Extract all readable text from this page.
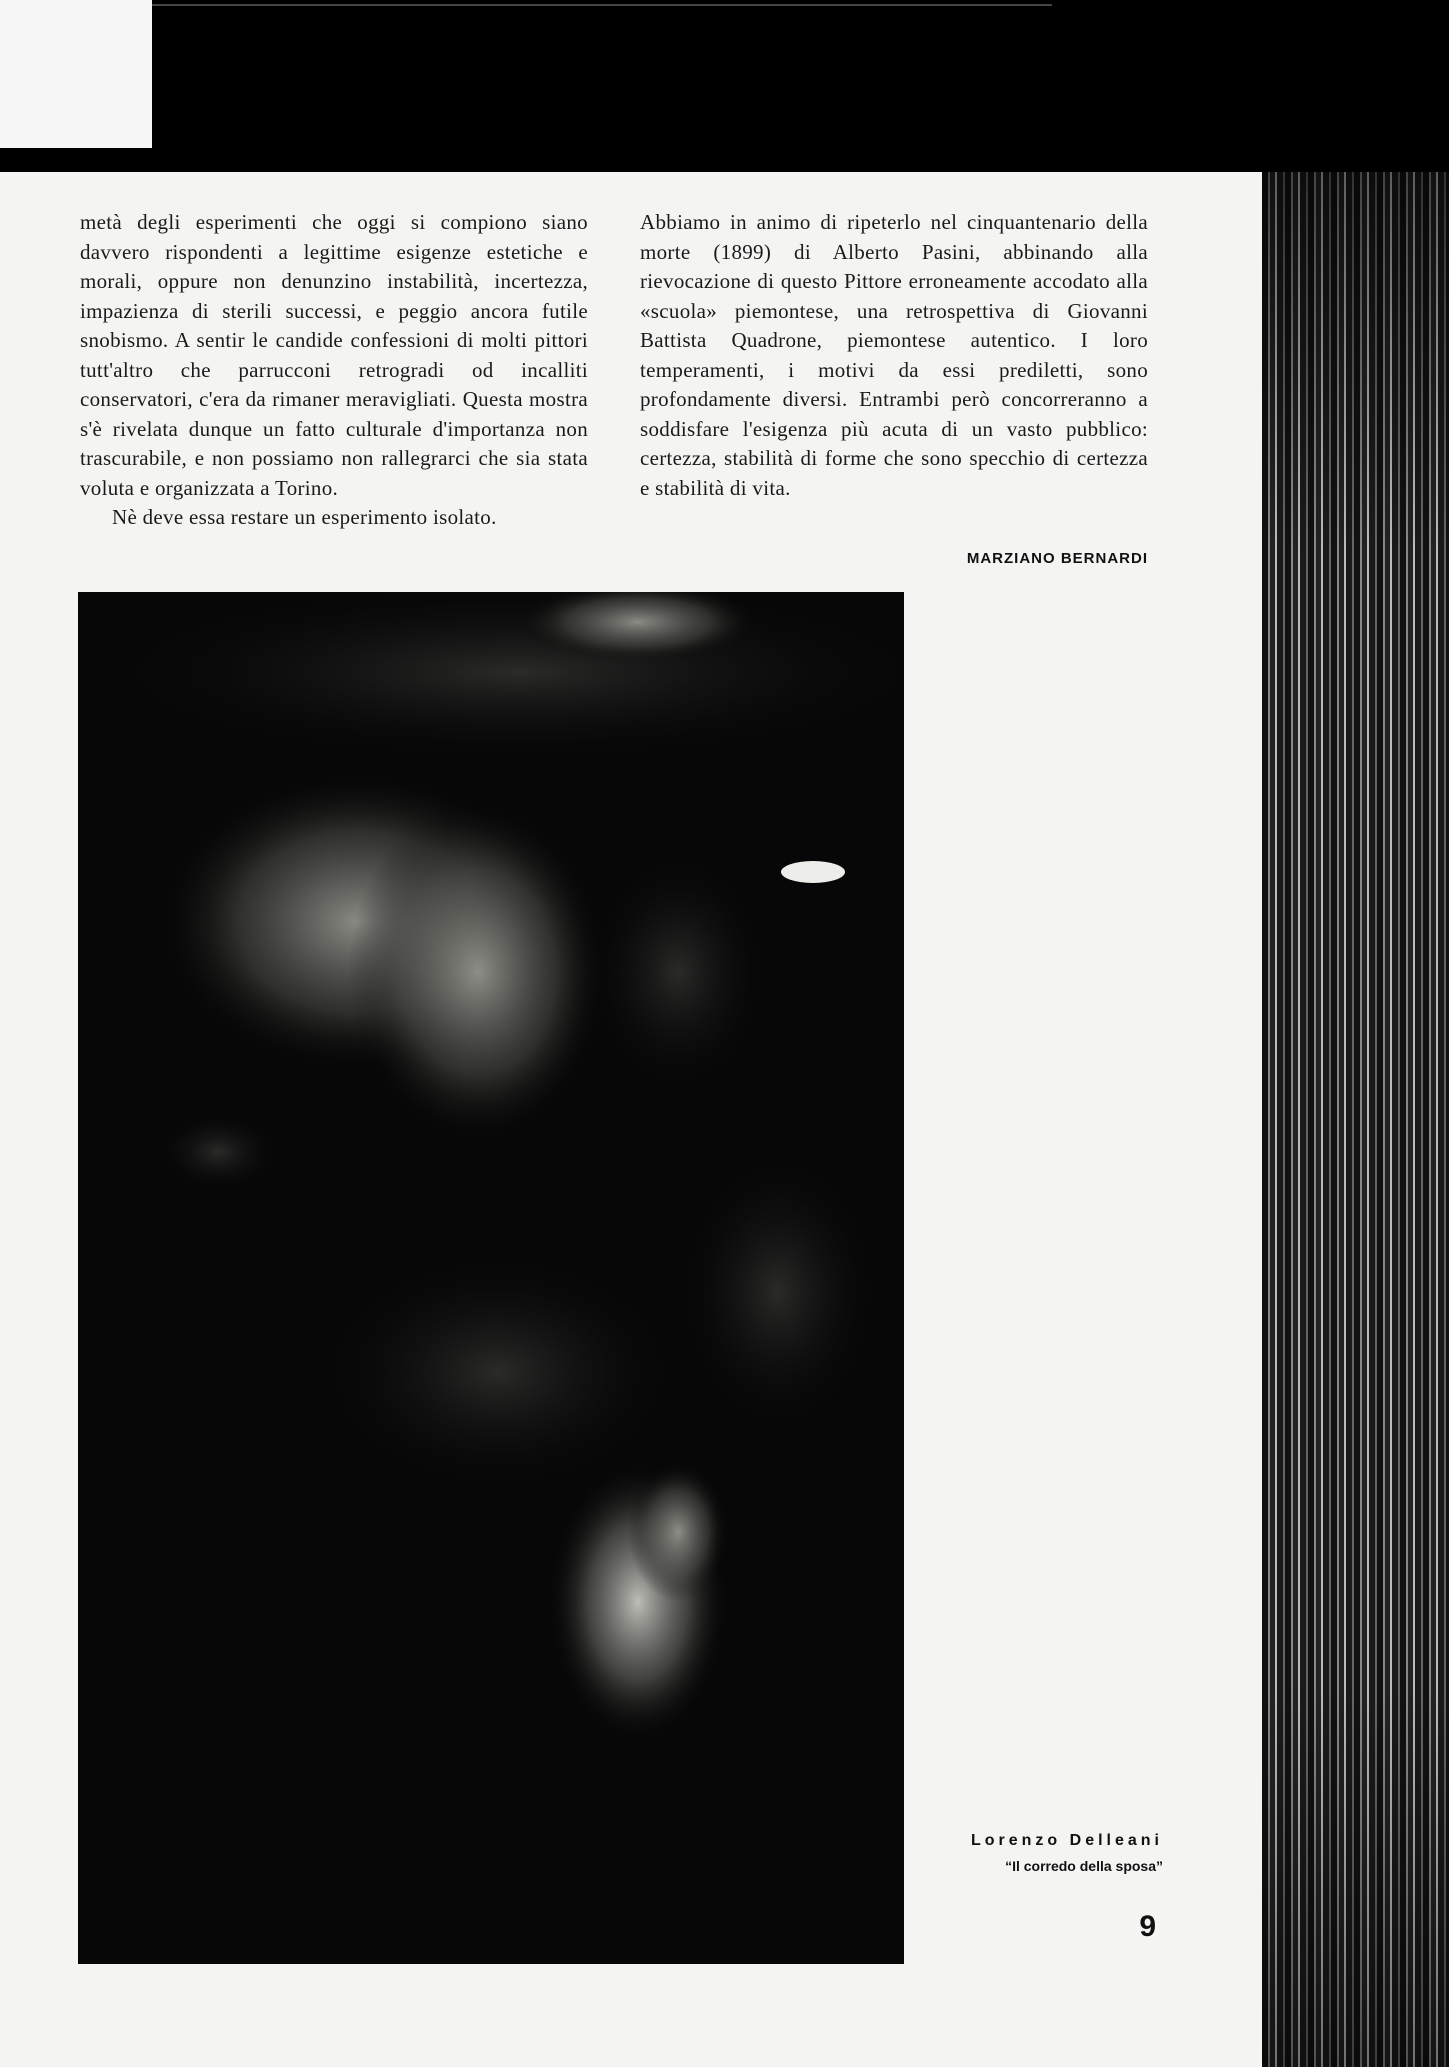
metà degli esperimenti che oggi si compiono siano davvero rispondenti a legittime esigenze estetiche e morali, oppure non denunzino instabilità, incertezza, impazienza di sterili successi, e peggio ancora futile snobismo. A sentir le candide confessioni di molti pittori tutt'altro che parrucconi retrogradi od incalliti conservatori, c'era da rimaner meravigliati. Questa mostra s'è rivelata dunque un fatto culturale d'importanza non trascurabile, e non possiamo non rallegrarci che sia stata voluta e organizzata a Torino.

Nè deve essa restare un esperimento isolato.

Abbiamo in animo di ripeterlo nel cinquantenario della morte (1899) di Alberto Pasini, abbinando alla rievocazione di questo Pittore erroneamente accodato alla «scuola» piemontese, una retrospettiva di Giovanni Battista Quadrone, piemontese autentico. I loro temperamenti, i motivi da essi prediletti, sono profondamente diversi. Entrambi però concorreranno a soddisfare l'esigenza più acuta di un vasto pubblico: certezza, stabilità di forme che sono specchio di certezza e stabilità di vita.

MARZIANO BERNARDI
Lorenzo Delleani
“Il corredo della sposa”
9
